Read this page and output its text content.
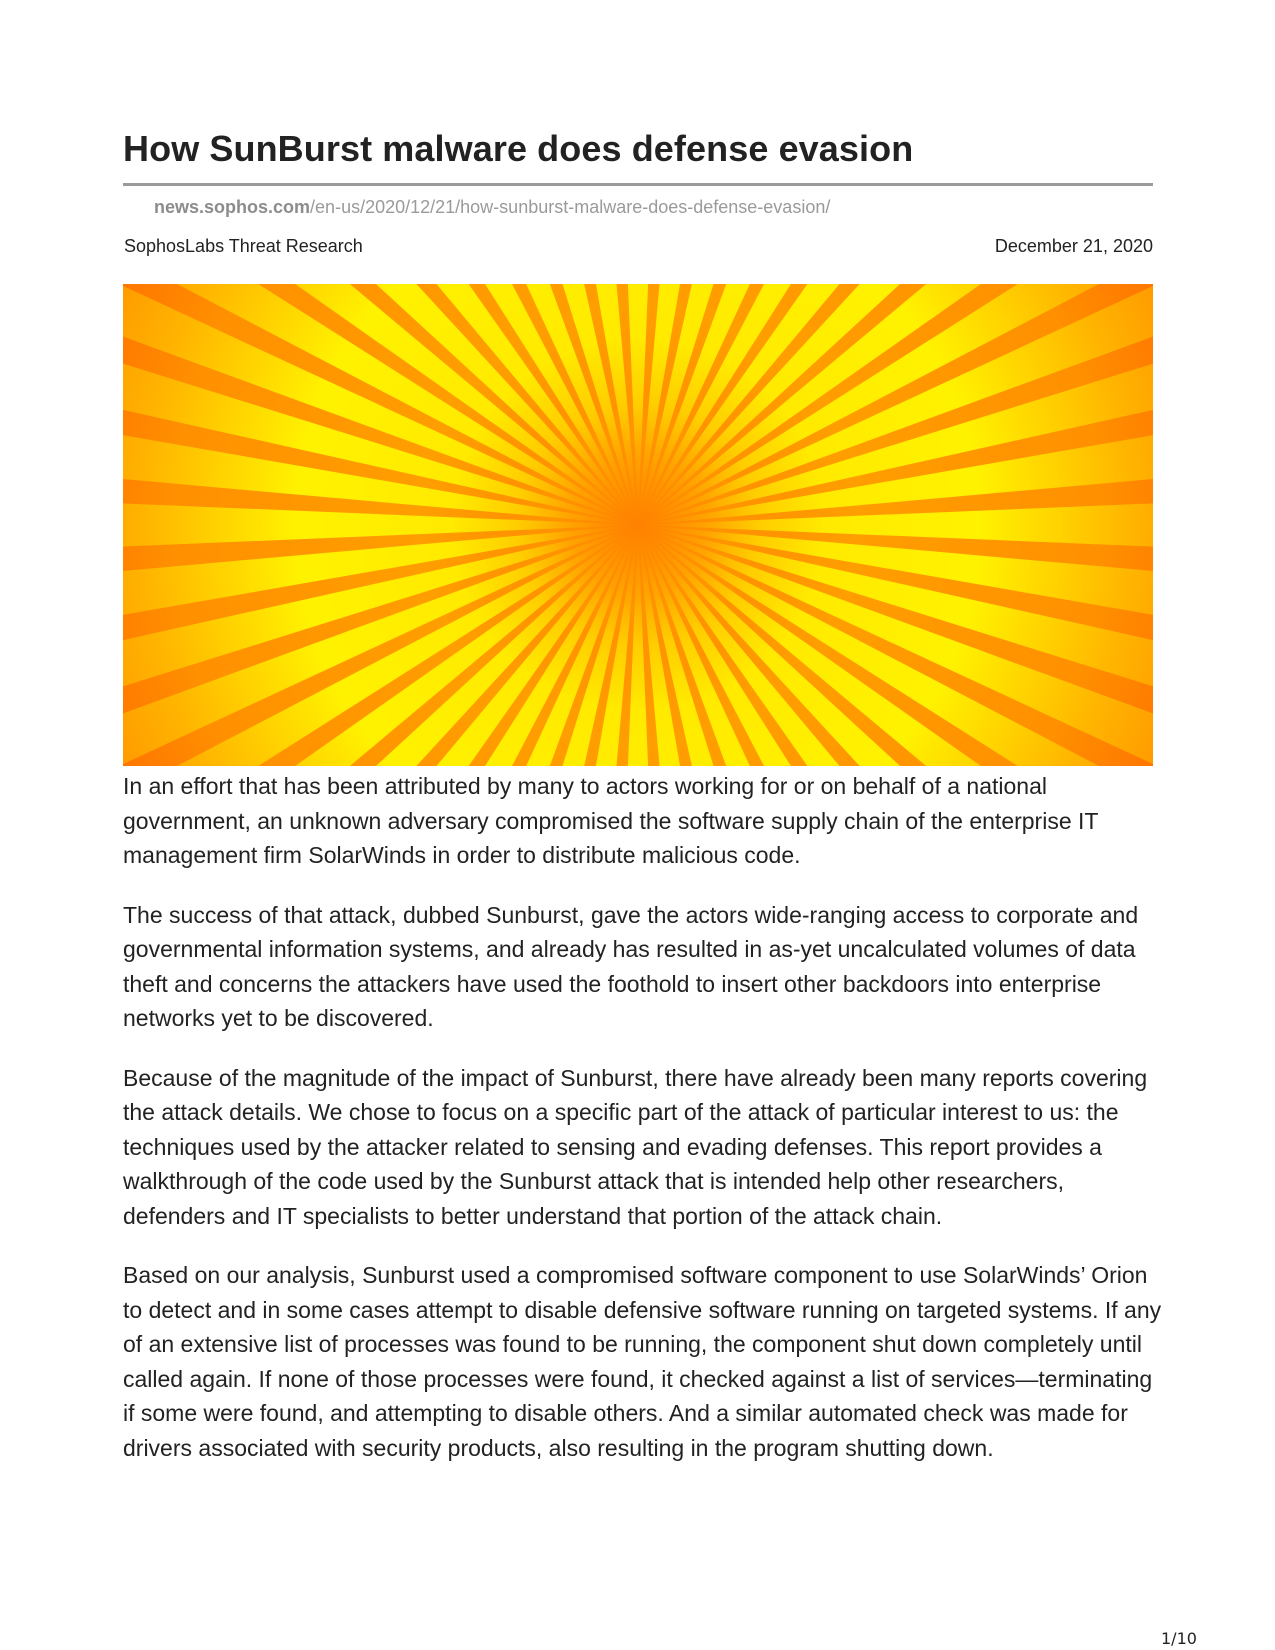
How SunBurst malware does defense evasion
news.sophos.com/en-us/2020/12/21/how-sunburst-malware-does-defense-evasion/
SophosLabs Threat Research	December 21, 2020

In an effort that has been attributed by many to actors working for or on behalf of a national government, an unknown adversary compromised the software supply chain of the enterprise IT management firm SolarWinds in order to distribute malicious code.

The success of that attack, dubbed Sunburst, gave the actors wide-ranging access to corporate and governmental information systems, and already has resulted in as-yet uncalculated volumes of data theft and concerns the attackers have used the foothold to insert other backdoors into enterprise networks yet to be discovered.

Because of the magnitude of the impact of Sunburst, there have already been many reports covering the attack details. We chose to focus on a specific part of the attack of particular interest to us: the techniques used by the attacker related to sensing and evading defenses. This report provides a walkthrough of the code used by the Sunburst attack that is intended help other researchers, defenders and IT specialists to better understand that portion of the attack chain.

Based on our analysis, Sunburst used a compromised software component to use SolarWinds’ Orion to detect and in some cases attempt to disable defensive software running on targeted systems. If any of an extensive list of processes was found to be running, the component shut down completely until called again. If none of those processes were found, it checked against a list of services—terminating if some were found, and attempting to disable others. And a similar automated check was made for drivers associated with security products, also resulting in the program shutting down.

1/10
